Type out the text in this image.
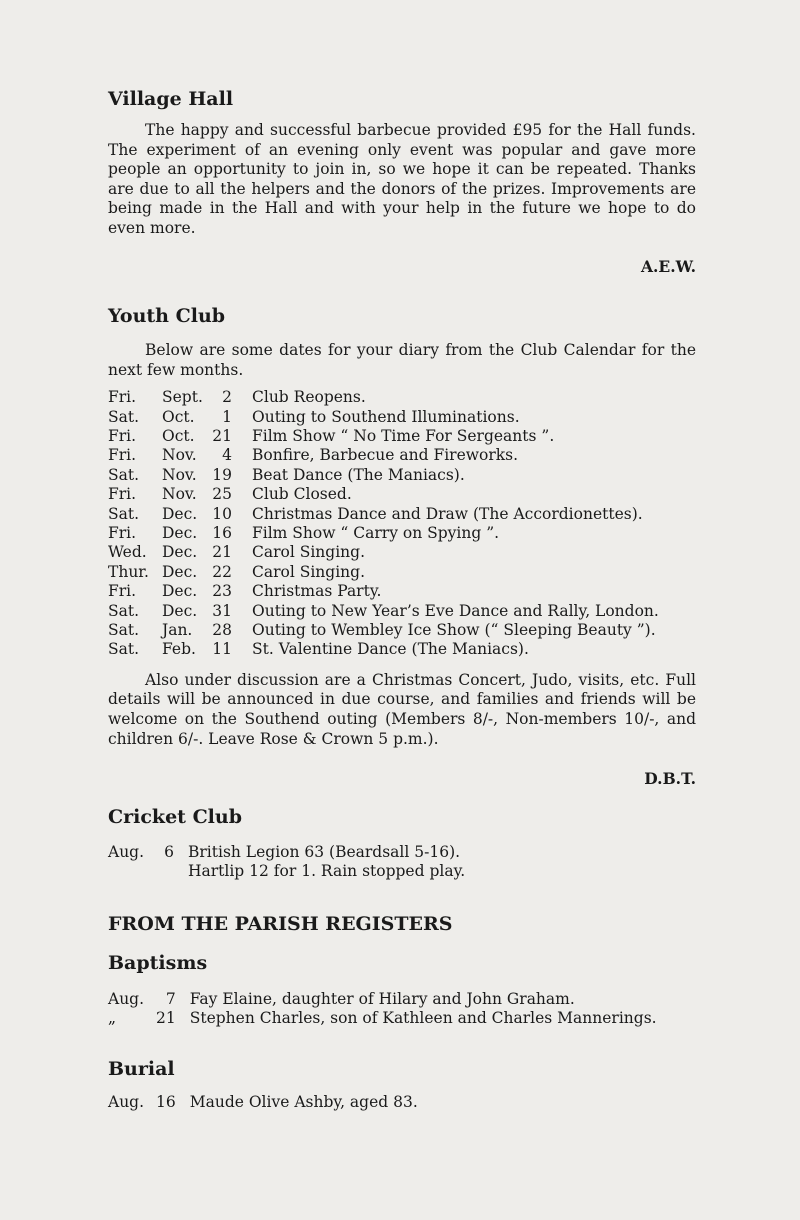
Village Hall

The happy and successful barbecue provided £95 for the Hall funds. The experiment of an evening only event was popular and gave more people an opportunity to join in, so we hope it can be repeated. Thanks are due to all the helpers and the donors of the prizes. Improvements are being made in the Hall and with your help in the future we hope to do even more.

A.E.W.
Youth Club

Below are some dates for your diary from the Club Calendar for the next few months.

Fri.	Sept.	2	Club Reopens.
Sat.	Oct.	1	Outing to Southend Illuminations.
Fri.	Oct.	21	Film Show “ No Time For Sergeants ”.
Fri.	Nov.	4	Bonfire, Barbecue and Fireworks.
Sat.	Nov.	19	Beat Dance (The Maniacs).
Fri.	Nov.	25	Club Closed.
Sat.	Dec.	10	Christmas Dance and Draw (The Accordionettes).
Fri.	Dec.	16	Film Show “ Carry on Spying ”.
Wed.	Dec.	21	Carol Singing.
Thur.	Dec.	22	Carol Singing.
Fri.	Dec.	23	Christmas Party.
Sat.	Dec.	31	Outing to New Year’s Eve Dance and Rally, London.
Sat.	Jan.	28	Outing to Wembley Ice Show (“ Sleeping Beauty ”).
Sat.	Feb.	11	St. Valentine Dance (The Maniacs).

Also under discussion are a Christmas Concert, Judo, visits, etc. Full details will be announced in due course, and families and friends will be welcome on the Southend outing (Members 8/-, Non-members 10/-, and children 6/-. Leave Rose & Crown 5 p.m.).

D.B.T.
Cricket Club
Aug.	6	British Legion 63 (Beardsall 5-16).
		Hartlip 12 for 1. Rain stopped play.
FROM THE PARISH REGISTERS
Baptisms
Aug.	7	Fay Elaine, daughter of Hilary and John Graham.
„	21	Stephen Charles, son of Kathleen and Charles Mannerings.
Burial
Aug.	16	Maude Olive Ashby, aged 83.
